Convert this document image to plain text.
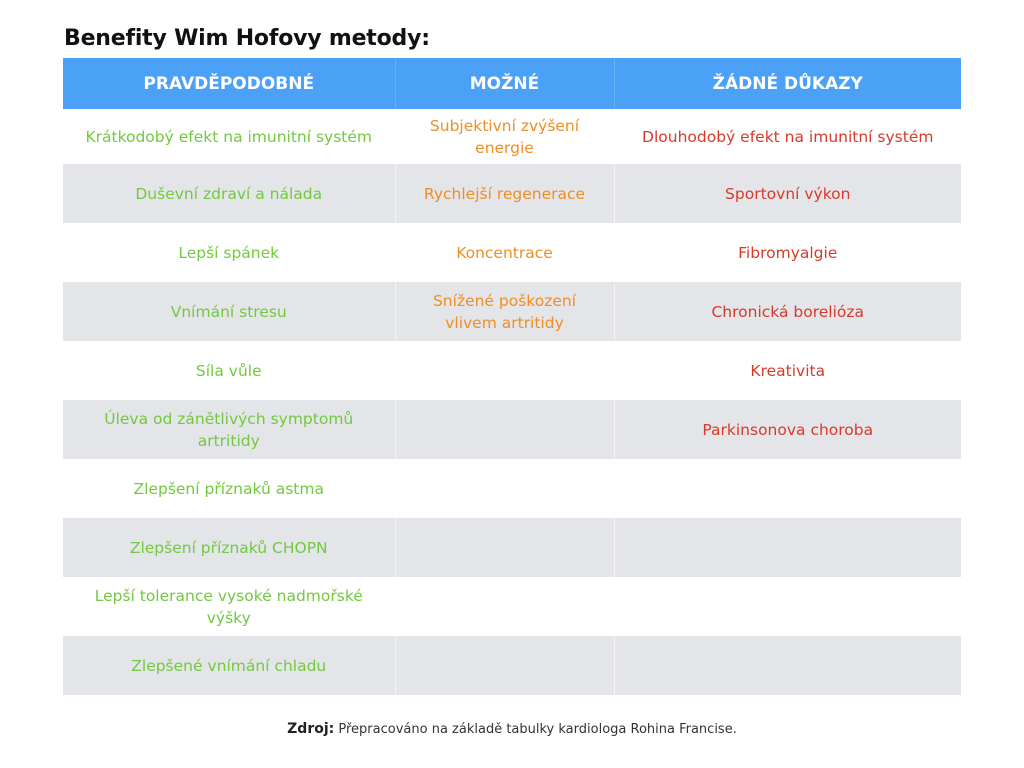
Benefity Wim Hofovy metody:
PRAVDĚPODOBNÉ	MOŽNÉ	ŽÁDNÉ DŮKAZY
Krátkodobý efekt na imunitní systém	Subjektivní zvýšení energie	Dlouhodobý efekt na imunitní systém
Duševní zdraví a nálada	Rychlejší regenerace	Sportovní výkon
Lepší spánek	Koncentrace	Fibromyalgie
Vnímání stresu	Snížené poškození vlivem artritidy	Chronická borelióza
Síla vůle		Kreativita
Úleva od zánětlivých symptomů artritidy		Parkinsonova choroba
Zlepšení příznaků astma		
Zlepšení příznaků CHOPN		
Lepší tolerance vysoké nadmořské výšky		
Zlepšené vnímání chladu		
Zdroj: Přepracováno na základě tabulky kardiologa Rohina Francise.
